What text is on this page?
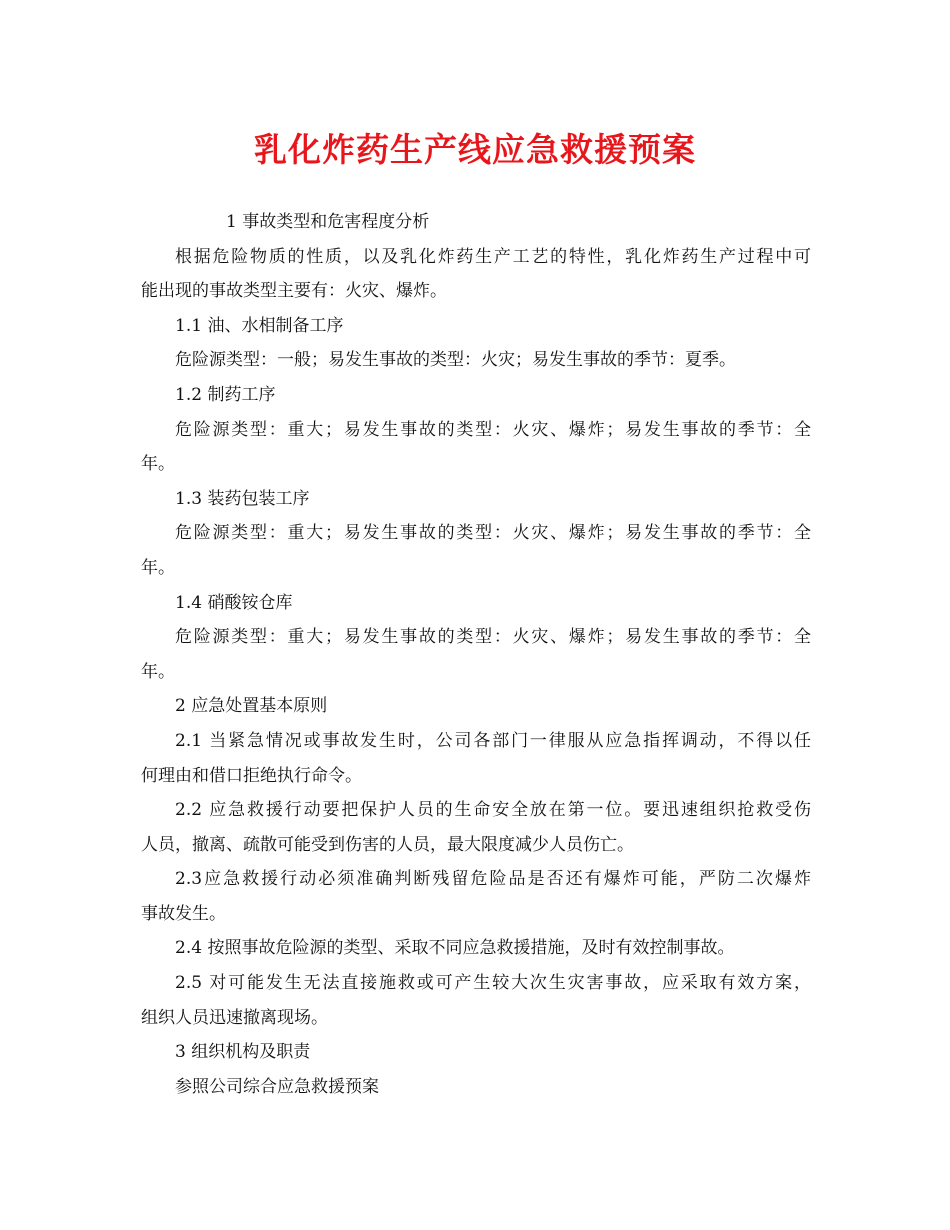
乳化炸药生产线应急救援预案
1 事故类型和危害程度分析
根据危险物质的性质，以及乳化炸药生产工艺的特性，乳化炸药生产过程中可
能出现的事故类型主要有：火灾、爆炸。
1.1 油、水相制备工序
危险源类型：一般；易发生事故的类型：火灾；易发生事故的季节：夏季。
1.2 制药工序
危险源类型：重大；易发生事故的类型：火灾、爆炸；易发生事故的季节：全
年。
1.3 装药包装工序
危险源类型：重大；易发生事故的类型：火灾、爆炸；易发生事故的季节：全
年。
1.4 硝酸铵仓库
危险源类型：重大；易发生事故的类型：火灾、爆炸；易发生事故的季节：全
年。
2 应急处置基本原则
2.1 当紧急情况或事故发生时，公司各部门一律服从应急指挥调动，不得以任
何理由和借口拒绝执行命令。
2.2 应急救援行动要把保护人员的生命安全放在第一位。要迅速组织抢救受伤
人员，撤离、疏散可能受到伤害的人员，最大限度减少人员伤亡。
2.3应急救援行动必须准确判断残留危险品是否还有爆炸可能，严防二次爆炸
事故发生。
2.4 按照事故危险源的类型、采取不同应急救援措施，及时有效控制事故。
2.5 对可能发生无法直接施救或可产生较大次生灾害事故，应采取有效方案，
组织人员迅速撤离现场。
3 组织机构及职责
参照公司综合应急救援预案
